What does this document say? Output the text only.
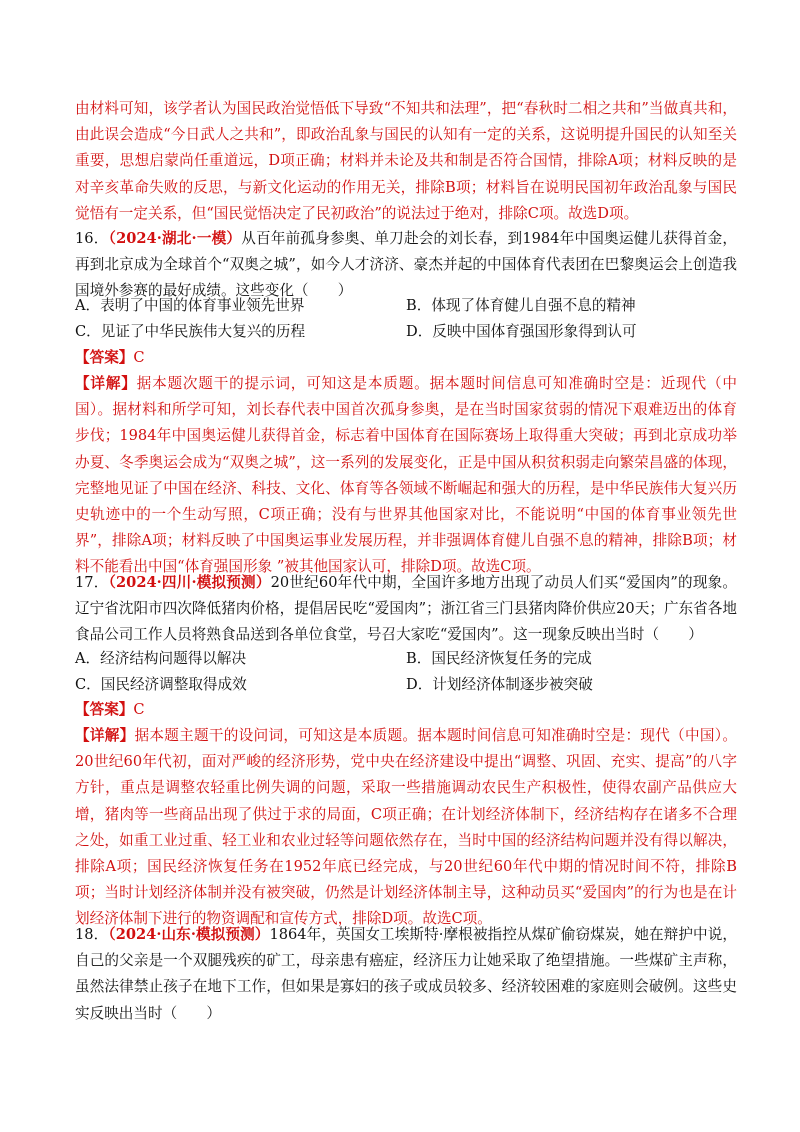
由材料可知，该学者认为国民政治觉悟低下导致“不知共和法理”，把“春秋时二相之共和”当做真共和，由此误会造成“今日武人之共和”，即政治乱象与国民的认知有一定的关系，这说明提升国民的认知至关重要，思想启蒙尚任重道远，D项正确；材料并未论及共和制是否符合国情，排除A项；材料反映的是对辛亥革命失败的反思，与新文化运动的作用无关，排除B项；材料旨在说明民国初年政治乱象与国民觉悟有一定关系，但“国民觉悟决定了民初政治”的说法过于绝对，排除C项。故选D项。

16．（2024·湖北·一模）从百年前孤身参奥、单刀赴会的刘长春，到1984年中国奥运健儿获得首金，再到北京成为全球首个“双奥之城”，如今人才济济、豪杰并起的中国体育代表团在巴黎奥运会上创造我国境外参赛的最好成绩。这些变化（　　）

A．表明了中国的体育事业领先世界	B．体现了体育健儿自强不息的精神
C．见证了中华民族伟大复兴的历程	D．反映中国体育强国形象得到认可

【答案】C

【详解】据本题次题干的提示词，可知这是本质题。据本题时间信息可知准确时空是：近现代（中国）。据材料和所学可知，刘长春代表中国首次孤身参奥，是在当时国家贫弱的情况下艰难迈出的体育步伐；1984年中国奥运健儿获得首金，标志着中国体育在国际赛场上取得重大突破；再到北京成功举办夏、冬季奥运会成为“双奥之城”，这一系列的发展变化，正是中国从积贫积弱走向繁荣昌盛的体现，完整地见证了中国在经济、科技、文化、体育等各领域不断崛起和强大的历程，是中华民族伟大复兴历史轨迹中的一个生动写照，C项正确；没有与世界其他国家对比，不能说明“中国的体育事业领先世界”，排除A项；材料反映了中国奥运事业发展历程，并非强调体育健儿自强不息的精神，排除B项；材料不能看出中国“体育强国形象 ”被其他国家认可，排除D项。故选C项。

17．（2024·四川·模拟预测）20世纪60年代中期，全国许多地方出现了动员人们买“爱国肉”的现象。辽宁省沈阳市四次降低猪肉价格，提倡居民吃“爱国肉”；浙江省三门县猪肉降价供应20天；广东省各地食品公司工作人员将熟食品送到各单位食堂，号召大家吃“爱国肉”。这一现象反映出当时（　　）

A．经济结构问题得以解决	B．国民经济恢复任务的完成
C．国民经济调整取得成效	D．计划经济体制逐步被突破

【答案】C

【详解】据本题主题干的设问词，可知这是本质题。据本题时间信息可知准确时空是：现代（中国）。20世纪60年代初，面对严峻的经济形势，党中央在经济建设中提出“调整、巩固、充实、提高”的八字方针，重点是调整农轻重比例失调的问题，采取一些措施调动农民生产积极性，使得农副产品供应大增，猪肉等一些商品出现了供过于求的局面，C项正确；在计划经济体制下，经济结构存在诸多不合理之处，如重工业过重、轻工业和农业过轻等问题依然存在，当时中国的经济结构问题并没有得以解决，排除A项；国民经济恢复任务在1952年底已经完成，与20世纪60年代中期的情况时间不符，排除B项；当时计划经济体制并没有被突破，仍然是计划经济体制主导，这种动员买“爱国肉”的行为也是在计划经济体制下进行的物资调配和宣传方式，排除D项。故选C项。

18．（2024·山东·模拟预测）1864年，英国女工埃斯特·摩根被指控从煤矿偷窃煤炭，她在辩护中说，自己的父亲是一个双腿残疾的矿工，母亲患有癌症，经济压力让她采取了绝望措施。一些煤矿主声称，虽然法律禁止孩子在地下工作，但如果是寡妇的孩子或成员较多、经济较困难的家庭则会破例。这些史实反映出当时（　　）
